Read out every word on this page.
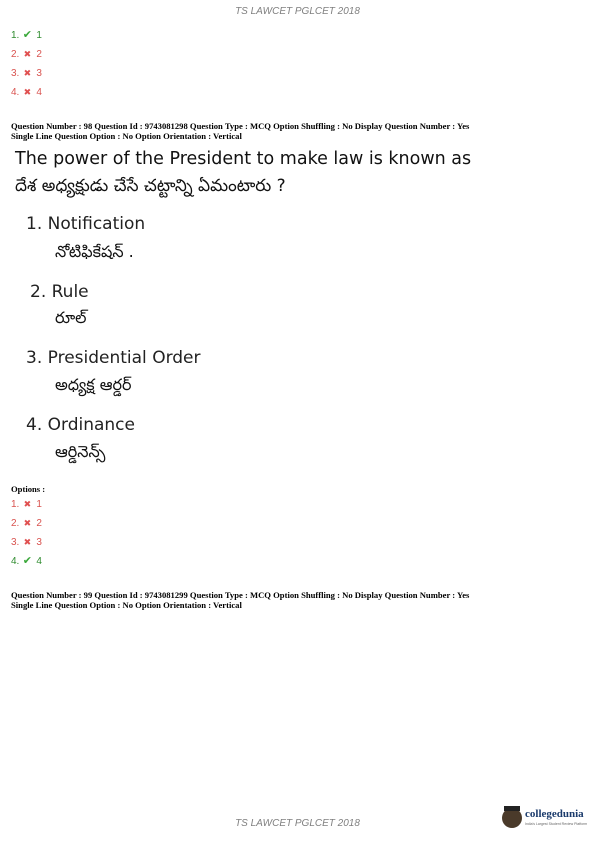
TS LAWCET PGLCET 2018
1. ✔ 1
2. ✖ 2
3. ✖ 3
4. ✖ 4
Question Number : 98 Question Id : 9743081298 Question Type : MCQ Option Shuffling : No Display Question Number : Yes
Single Line Question Option : No Option Orientation : Vertical
The power of the President to make law is known as
దేశ అధ్యక్షుడు చేసే చట్టాన్ని ఏమంటారు ?
1. Notification
నోటిఫికేషన్ .
2. Rule
రూల్
3. Presidential Order
అధ్యక్ష ఆర్డర్
4. Ordinance
ఆర్డినెన్స్
Options :
1. ✖ 1
2. ✖ 2
3. ✖ 3
4. ✔ 4
Question Number : 99 Question Id : 9743081299 Question Type : MCQ Option Shuffling : No Display Question Number : Yes
Single Line Question Option : No Option Orientation : Vertical
TS LAWCET PGLCET 2018
collegedunia
India's Largest Student Review Platform
